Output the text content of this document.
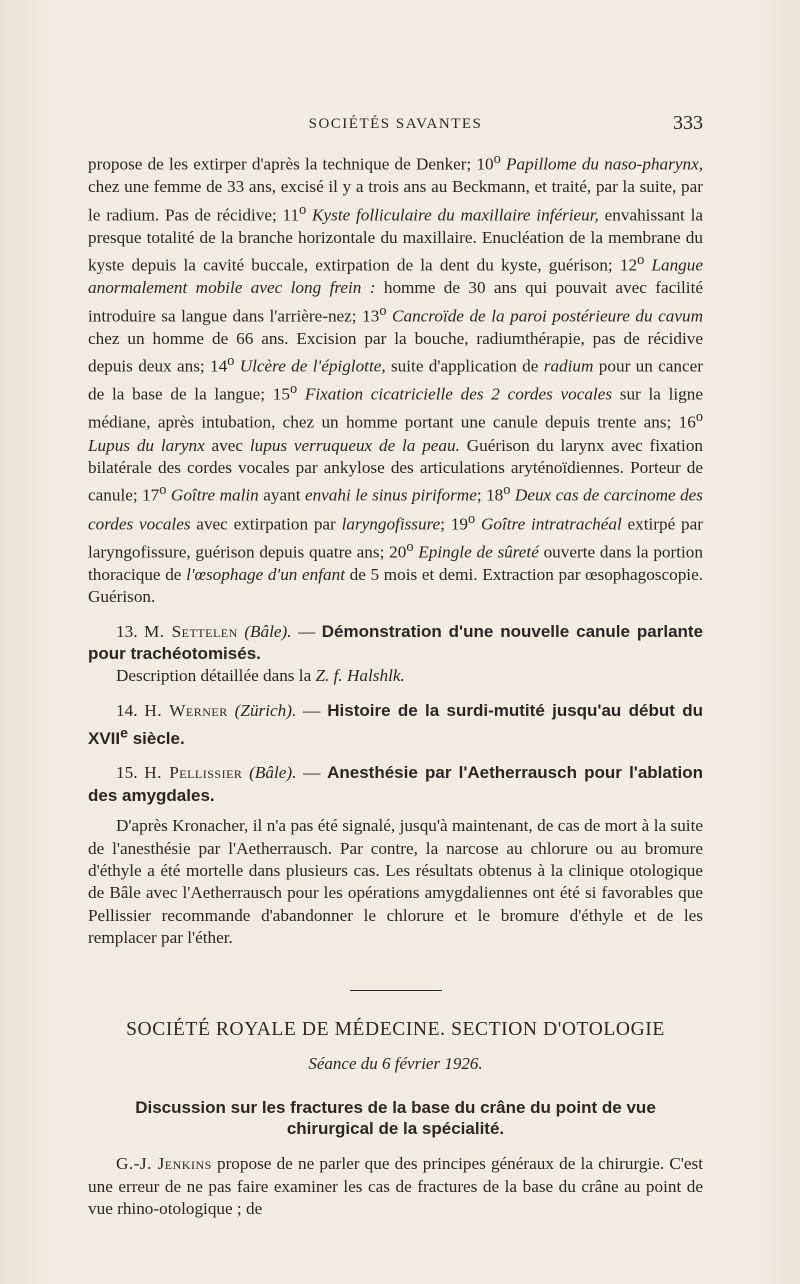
SOCIÉTÉS SAVANTES	333

propose de les extirper d'après la technique de Denker; 10$^o$ Papillome du naso-pharynx, chez une femme de 33 ans, excisé il y a trois ans au Beckmann, et traité, par la suite, par le radium. Pas de récidive; 11$^o$ Kyste folliculaire du maxillaire inférieur, envahissant la presque totalité de la branche horizontale du maxillaire. Enucléation de la membrane du kyste depuis la cavité buccale, extirpation de la dent du kyste, guérison; 12$^o$ Langue anormalement mobile avec long frein : homme de 30 ans qui pouvait avec facilité introduire sa langue dans l'arrière-nez; 13$^o$ Cancroïde de la paroi postérieure du cavum chez un homme de 66 ans. Excision par la bouche, radiumthérapie, pas de récidive depuis deux ans; 14$^o$ Ulcère de l'épiglotte, suite d'application de radium pour un cancer de la base de la langue; 15$^o$ Fixation cicatricielle des 2 cordes vocales sur la ligne médiane, après intubation, chez un homme portant une canule depuis trente ans; 16$^o$ Lupus du larynx avec lupus verruqueux de la peau. Guérison du larynx avec fixation bilatérale des cordes vocales par ankylose des articulations aryténoïdiennes. Porteur de canule; 17$^o$ Goître malin ayant envahi le sinus piriforme; 18$^o$ Deux cas de carcinome des cordes vocales avec extirpation par laryngofissure; 19$^o$ Goître intratrachéal extirpé par laryngofissure, guérison depuis quatre ans; 20$^o$ Epingle de sûreté ouverte dans la portion thoracique de l'œsophage d'un enfant de 5 mois et demi. Extraction par œsophagoscopie. Guérison.

13. M. Settelen (Bâle). — Démonstration d'une nouvelle canule parlante pour trachéotomisés.

Description détaillée dans la Z. f. Halshlk.

14. H. Werner (Zürich). — Histoire de la surdi-mutité jusqu'au début du XVIIe siècle.

15. H. Pellissier (Bâle). — Anesthésie par l'Aetherrausch pour l'ablation des amygdales.

D'après Kronacher, il n'a pas été signalé, jusqu'à maintenant, de cas de mort à la suite de l'anesthésie par l'Aetherrausch. Par contre, la narcose au chlorure ou au bromure d'éthyle a été mortelle dans plusieurs cas. Les résultats obtenus à la clinique otologique de Bâle avec l'Aetherrausch pour les opérations amygdaliennes ont été si favorables que Pellissier recommande d'abandonner le chlorure et le bromure d'éthyle et de les remplacer par l'éther.

SOCIÉTÉ ROYALE DE MÉDECINE. SECTION D'OTOLOGIE

Séance du 6 février 1926.

Discussion sur les fractures de la base du crâne du point de vue chirurgical de la spécialité.

G.-J. Jenkins propose de ne parler que des principes généraux de la chirurgie. C'est une erreur de ne pas faire examiner les cas de fractures de la base du crâne au point de vue rhino-otologique ; de
